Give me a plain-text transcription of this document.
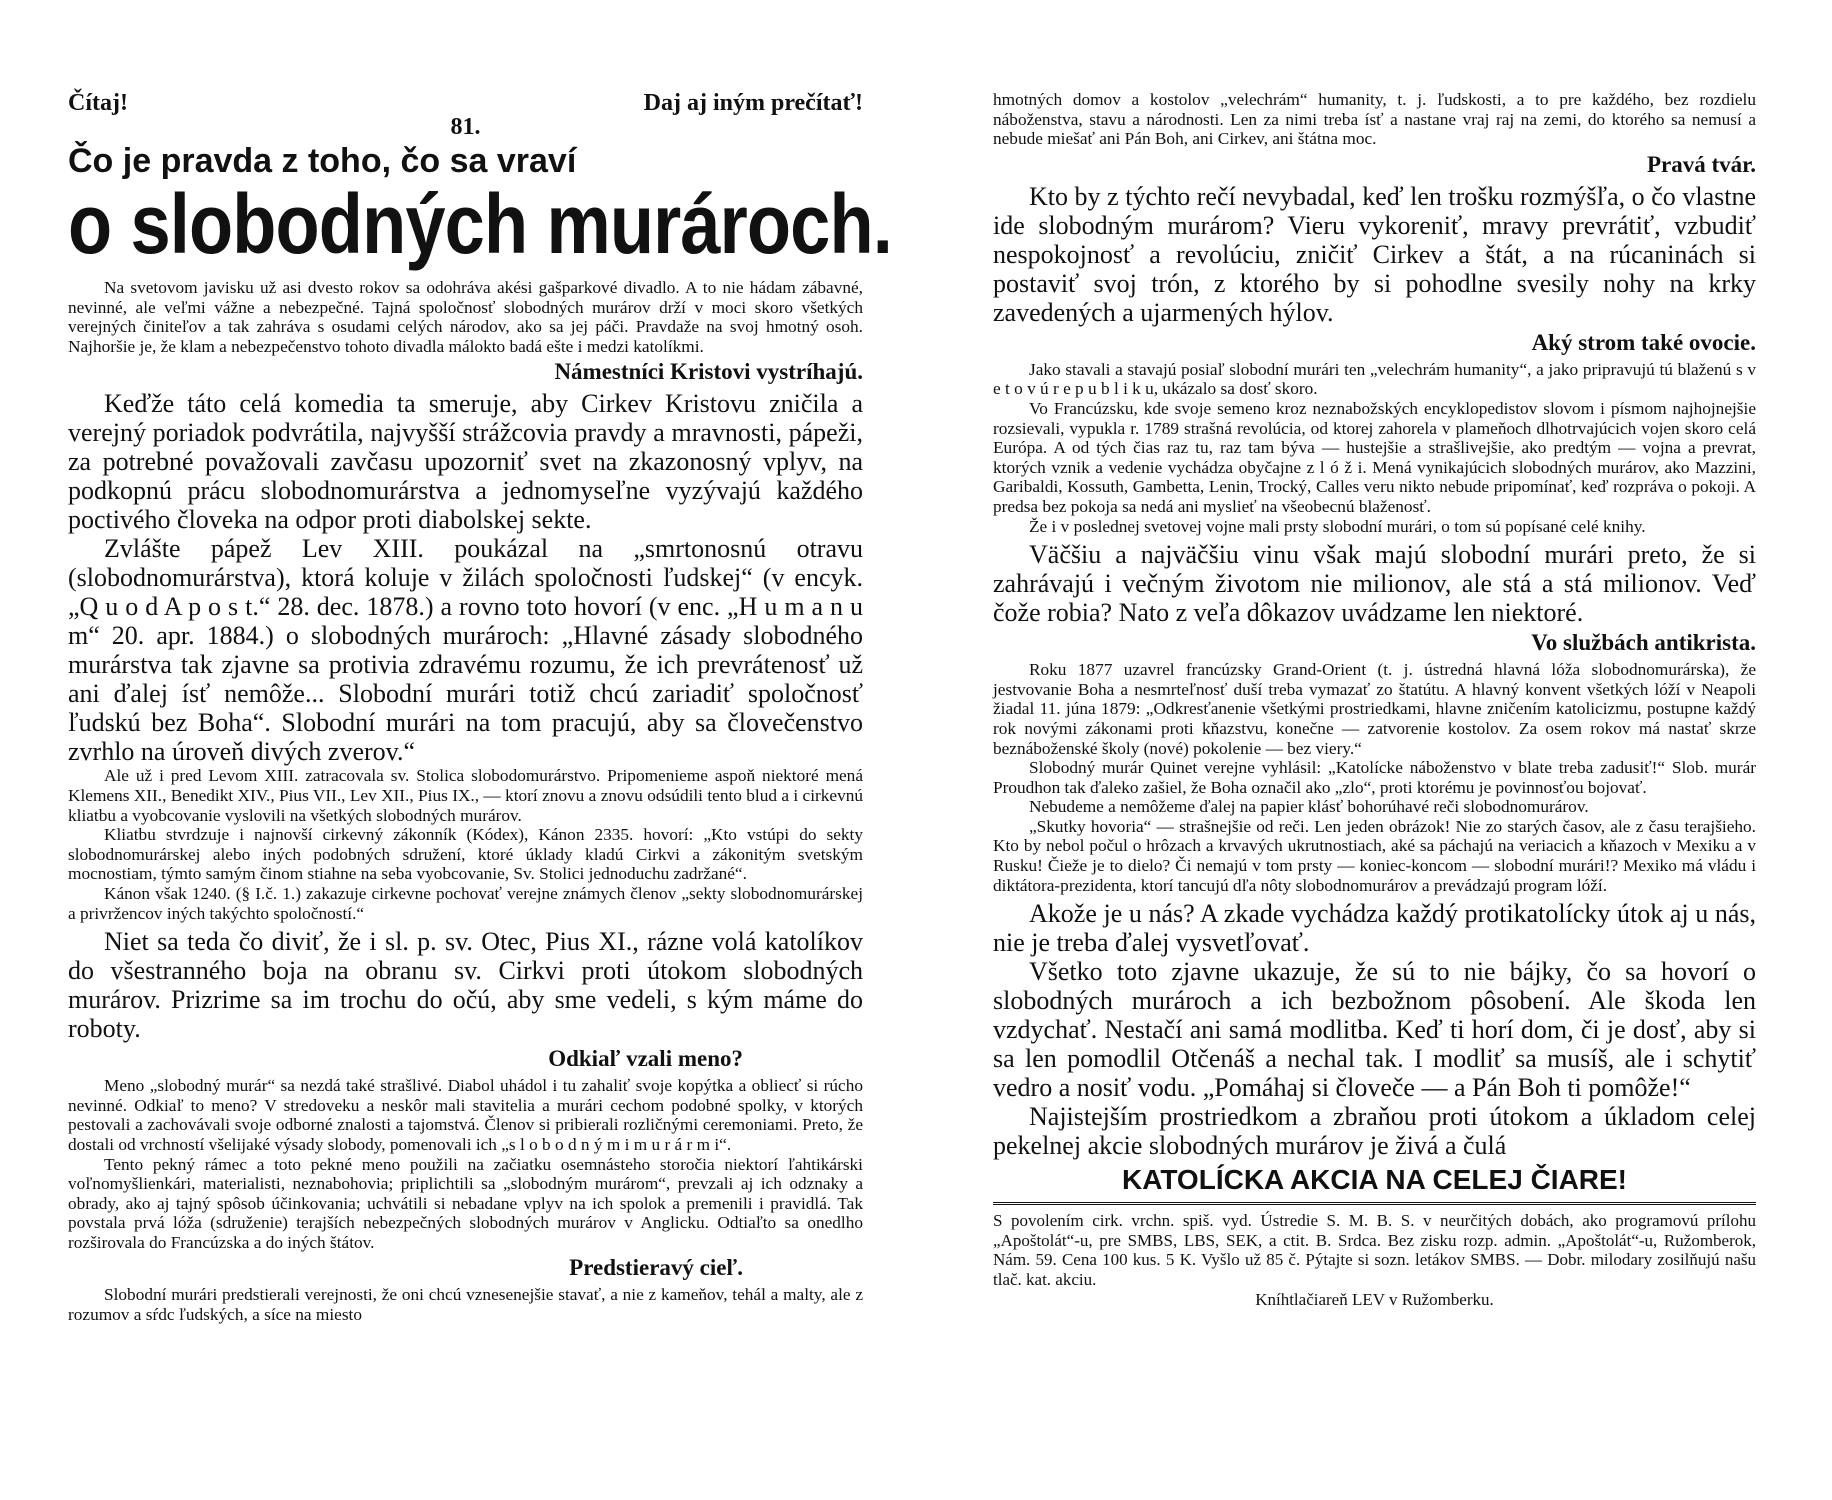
Čítaj!	Daj aj iným prečítať!
81.
Čo je pravda z toho, čo sa vraví
o slobodných murároch.

Na svetovom javisku už asi dvesto rokov sa odohráva akési gašparkové divadlo. A to nie hádam zábavné, nevinné, ale veľmi vážne a nebezpečné. Tajná spoločnosť slobodných murárov drží v moci skoro všetkých verejných činiteľov a tak zahráva s osudami celých národov, ako sa jej páči. Pravdaže na svoj hmotný osoh. Najhoršie je, že klam a nebezpečenstvo tohoto divadla málokto badá ešte i medzi katolíkmi.

Námestníci Kristovi vystríhajú.

Keďže táto celá komedia ta smeruje, aby Cirkev Kristovu zničila a verejný poriadok podvrátila, najvyšší strážcovia pravdy a mravnosti, pápeži, za potrebné považovali zavčasu upozorniť svet na zkazonosný vplyv, na podkopnú prácu slobodnomurárstva a jednomyseľne vyzývajú každého poctivého človeka na odpor proti diabolskej sekte.

Zvlášte pápež Lev XIII. poukázal na „smrtonosnú otravu (slobodnomurárstva), ktorá koluje v žilách spoločnosti ľudskej“ (v encyk. „Q u o d A p o s t.“ 28. dec. 1878.) a rovno toto hovorí (v enc. „H u m a n u m“ 20. apr. 1884.) o slobodných murároch: „Hlavné zásady slobodného murárstva tak zjavne sa protivia zdravému rozumu, že ich prevrátenosť už ani ďalej ísť nemôže... Slobodní murári totiž chcú zariadiť spoločnosť ľudskú bez Boha“. Slobodní murári na tom pracujú, aby sa človečenstvo zvrhlo na úroveň divých zverov.“

Ale už i pred Levom XIII. zatracovala sv. Stolica slobodomurárstvo. Pripomenieme aspoň niektoré mená Klemens XII., Benedikt XIV., Pius VII., Lev XII., Pius IX., — ktorí znovu a znovu odsúdili tento blud a i cirkevnú kliatbu a vyobcovanie vyslovili na všetkých slobodných murárov.

Kliatbu stvrdzuje i najnovší cirkevný zákonník (Kódex), Kánon 2335. hovorí: „Kto vstúpi do sekty slobodnomurárskej alebo iných podobných sdružení, ktoré úklady kladú Cirkvi a zákonitým svetským mocnostiam, týmto samým činom stiahne na seba vyobcovanie, Sv. Stolici jednoduchu zadržané“.

Kánon však 1240. (§ I.č. 1.) zakazuje cirkevne pochovať verejne známych členov „sekty slobodnomurárskej a privržencov iných takýchto spoločností.“

Niet sa teda čo diviť, že i sl. p. sv. Otec, Pius XI., rázne volá katolíkov do všestranného boja na obranu sv. Cirkvi proti útokom slobodných murárov. Prizrime sa im trochu do očú, aby sme vedeli, s kým máme do roboty.

Odkiaľ vzali meno?

Meno „slobodný murár“ sa nezdá také strašlivé. Diabol uhádol i tu zahaliť svoje kopýtka a obliecť si rúcho nevinné. Odkiaľ to meno? V stredoveku a neskôr mali stavitelia a murári cechom podobné spolky, v ktorých pestovali a zachovávali svoje odborné znalosti a tajomstvá. Členov si pribierali rozličnými ceremoniami. Preto, že dostali od vrchností všelijaké výsady slobody, pomenovali ich „s l o b o d n ý m i m u r á r m i“.

Tento pekný rámec a toto pekné meno použili na začiatku osemnásteho storočia niektorí ľahtikárski voľnomyšlienkári, materialisti, neznabohovia; priplichtili sa „slobodným murárom“, prevzali aj ich odznaky a obrady, ako aj tajný spôsob účinkovania; uchvátili si nebadane vplyv na ich spolok a premenili i pravidlá. Tak povstala prvá lóža (sdruženie) terajších nebezpečných slobodných murárov v Anglicku. Odtiaľto sa onedlho rozširovala do Francúzska a do iných štátov.

Predstieravý cieľ.

Slobodní murári predstierali verejnosti, že oni chcú vznesenejšie stavať, a nie z kameňov, tehál a malty, ale z rozumov a sŕdc ľudských, a síce na miesto

hmotných domov a kostolov „velechrám“ humanity, t. j. ľudskosti, a to pre každého, bez rozdielu náboženstva, stavu a národnosti. Len za nimi treba ísť a nastane vraj raj na zemi, do ktorého sa nemusí a nebude miešať ani Pán Boh, ani Cirkev, ani štátna moc.

Pravá tvár.

Kto by z týchto rečí nevybadal, keď len trošku rozmýšľa, o čo vlastne ide slobodným murárom? Vieru vykoreniť, mravy prevrátiť, vzbudiť nespokojnosť a revolúciu, zničiť Cirkev a štát, a na rúcaninách si postaviť svoj trón, z ktorého by si pohodlne svesily nohy na krky zavedených a ujarmených hýlov.

Aký strom také ovocie.

Jako stavali a stavajú posiaľ slobodní murári ten „velechrám humanity“, a jako pripravujú tú blaženú s v e t o v ú r e p u b l i k u, ukázalo sa dosť skoro.

Vo Francúzsku, kde svoje semeno kroz neznabožských encyklopedistov slovom i písmom najhojnejšie rozsievali, vypukla r. 1789 strašná revolúcia, od ktorej zahorela v plameňoch dlhotrvajúcich vojen skoro celá Európa. A od tých čias raz tu, raz tam býva — hustejšie a strašlivejšie, ako predtým — vojna a prevrat, ktorých vznik a vedenie vychádza obyčajne z l ó ž i. Mená vynikajúcich slobodných murárov, ako Mazzini, Garibaldi, Kossuth, Gambetta, Lenin, Trocký, Calles veru nikto nebude pripomínať, keď rozpráva o pokoji. A predsa bez pokoja sa nedá ani myslieť na všeobecnú blaženosť.

Že i v poslednej svetovej vojne mali prsty slobodní murári, o tom sú popísané celé knihy.

Väčšiu a najväčšiu vinu však majú slobodní murári preto, že si zahrávajú i večným životom nie milionov, ale stá a stá milionov. Veď čože robia? Nato z veľa dôkazov uvádzame len niektoré.

Vo službách antikrista.

Roku 1877 uzavrel francúzsky Grand-Orient (t. j. ústredná hlavná lóža slobodnomurárska), že jestvovanie Boha a nesmrteľnosť duší treba vymazať zo štatútu. A hlavný konvent všetkých lóží v Neapoli žiadal 11. júna 1879: „Odkresťanenie všetkými prostriedkami, hlavne zničením katolicizmu, postupne každý rok novými zákonami proti kňazstvu, konečne — zatvorenie kostolov. Za osem rokov má nastať skrze beznáboženské školy (nové) pokolenie — bez viery.“

Slobodný murár Quinet verejne vyhlásil: „Katolícke náboženstvo v blate treba zadusiť!“ Slob. murár Proudhon tak ďaleko zašiel, že Boha označil ako „zlo“, proti ktorému je povinnosťou bojovať.

Nebudeme a nemôžeme ďalej na papier klásť bohorúhavé reči slobodnomurárov.

„Skutky hovoria“ — strašnejšie od reči. Len jeden obrázok! Nie zo starých časov, ale z času terajšieho. Kto by nebol počul o hrôzach a krvavých ukrutnostiach, aké sa páchajú na veriacich a kňazoch v Mexiku a v Rusku! Čieže je to dielo? Či nemajú v tom prsty — koniec-koncom — slobodní murári!? Mexiko má vládu i diktátora-prezidenta, ktorí tancujú dľa nôty slobodnomurárov a prevádzajú program lóží.

Akože je u nás? A zkade vychádza každý protikatolícky útok aj u nás, nie je treba ďalej vysvetľovať.

Všetko toto zjavne ukazuje, že sú to nie bájky, čo sa hovorí o slobodných murároch a ich bezbožnom pôsobení. Ale škoda len vzdychať. Nestačí ani samá modlitba. Keď ti horí dom, či je dosť, aby si sa len pomodlil Otčenáš a nechal tak. I modliť sa musíš, ale i schytiť vedro a nosiť vodu. „Pomáhaj si človeče — a Pán Boh ti pomôže!“

Najistejším prostriedkom a zbraňou proti útokom a úkladom celej pekelnej akcie slobodných murárov je živá a čulá

KATOLÍCKA AKCIA NA CELEJ ČIARE!

S povolením cirk. vrchn. spiš. vyd. Ústredie S. M. B. S. v neurčitých dobách, ako programovú prílohu „Apoštolát“-u, pre SMBS, LBS, SEK, a ctit. B. Srdca. Bez zisku rozp. admin. „Apoštolát“-u, Ružomberok, Nám. 59. Cena 100 kus. 5 K. Vyšlo už 85 č. Pýtajte si sozn. letákov SMBS. — Dobr. milodary zosilňujú našu tlač. kat. akciu.

Kníhtlačiareň LEV v Ružomberku.
